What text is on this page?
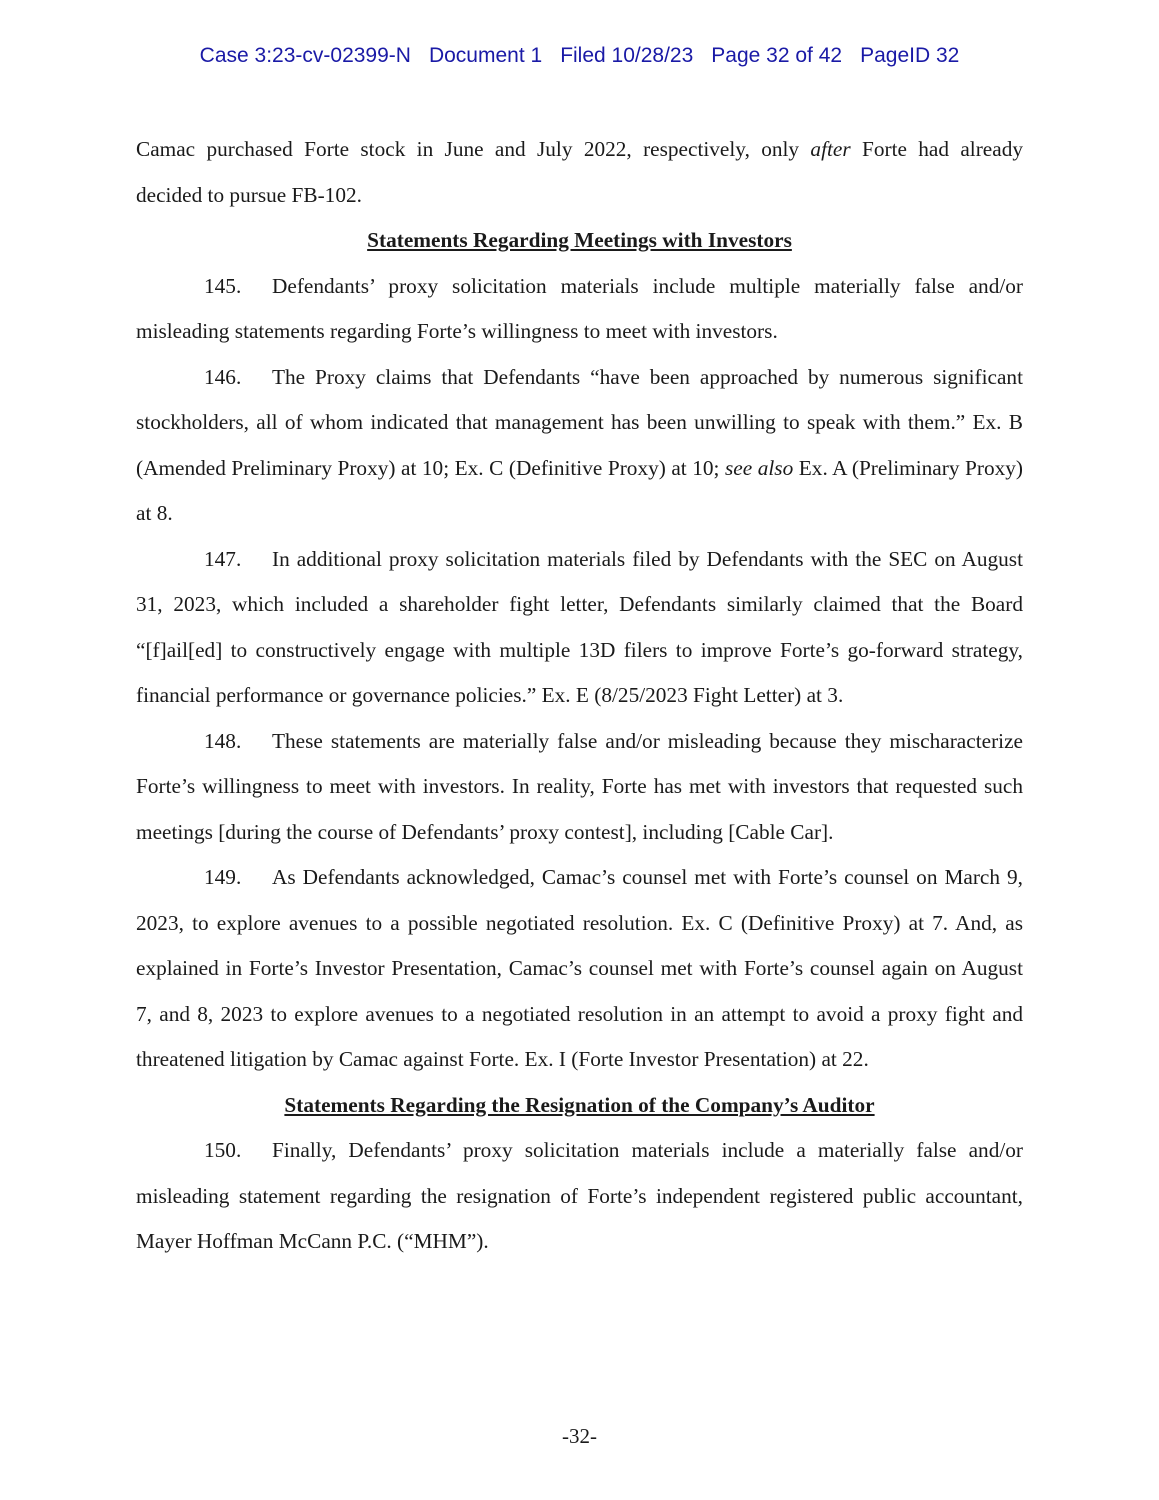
Case 3:23-cv-02399-N Document 1 Filed 10/28/23 Page 32 of 42 PageID 32

Camac purchased Forte stock in June and July 2022, respectively, only after Forte had already

decided to pursue FB-102.

Statements Regarding Meetings with Investors

145. Defendants’ proxy solicitation materials include multiple materially false and/or misleading statements regarding Forte’s willingness to meet with investors.

146. The Proxy claims that Defendants “have been approached by numerous significant stockholders, all of whom indicated that management has been unwilling to speak with them.” Ex. B (Amended Preliminary Proxy) at 10; Ex. C (Definitive Proxy) at 10; see also Ex. A (Preliminary Proxy) at 8.

147. In additional proxy solicitation materials filed by Defendants with the SEC on August 31, 2023, which included a shareholder fight letter, Defendants similarly claimed that the Board “[f]ail[ed] to constructively engage with multiple 13D filers to improve Forte’s go-forward strategy, financial performance or governance policies.” Ex. E (8/25/2023 Fight Letter) at 3.

148. These statements are materially false and/or misleading because they mischaracterize Forte’s willingness to meet with investors. In reality, Forte has met with investors that requested such meetings [during the course of Defendants’ proxy contest], including [Cable Car].

149. As Defendants acknowledged, Camac’s counsel met with Forte’s counsel on March 9, 2023, to explore avenues to a possible negotiated resolution. Ex. C (Definitive Proxy) at 7. And, as explained in Forte’s Investor Presentation, Camac’s counsel met with Forte’s counsel again on August 7, and 8, 2023 to explore avenues to a negotiated resolution in an attempt to avoid a proxy fight and threatened litigation by Camac against Forte. Ex. I (Forte Investor Presentation) at 22.

Statements Regarding the Resignation of the Company’s Auditor

150. Finally, Defendants’ proxy solicitation materials include a materially false and/or misleading statement regarding the resignation of Forte’s independent registered public accountant, Mayer Hoffman McCann P.C. (“MHM”).

-32-
